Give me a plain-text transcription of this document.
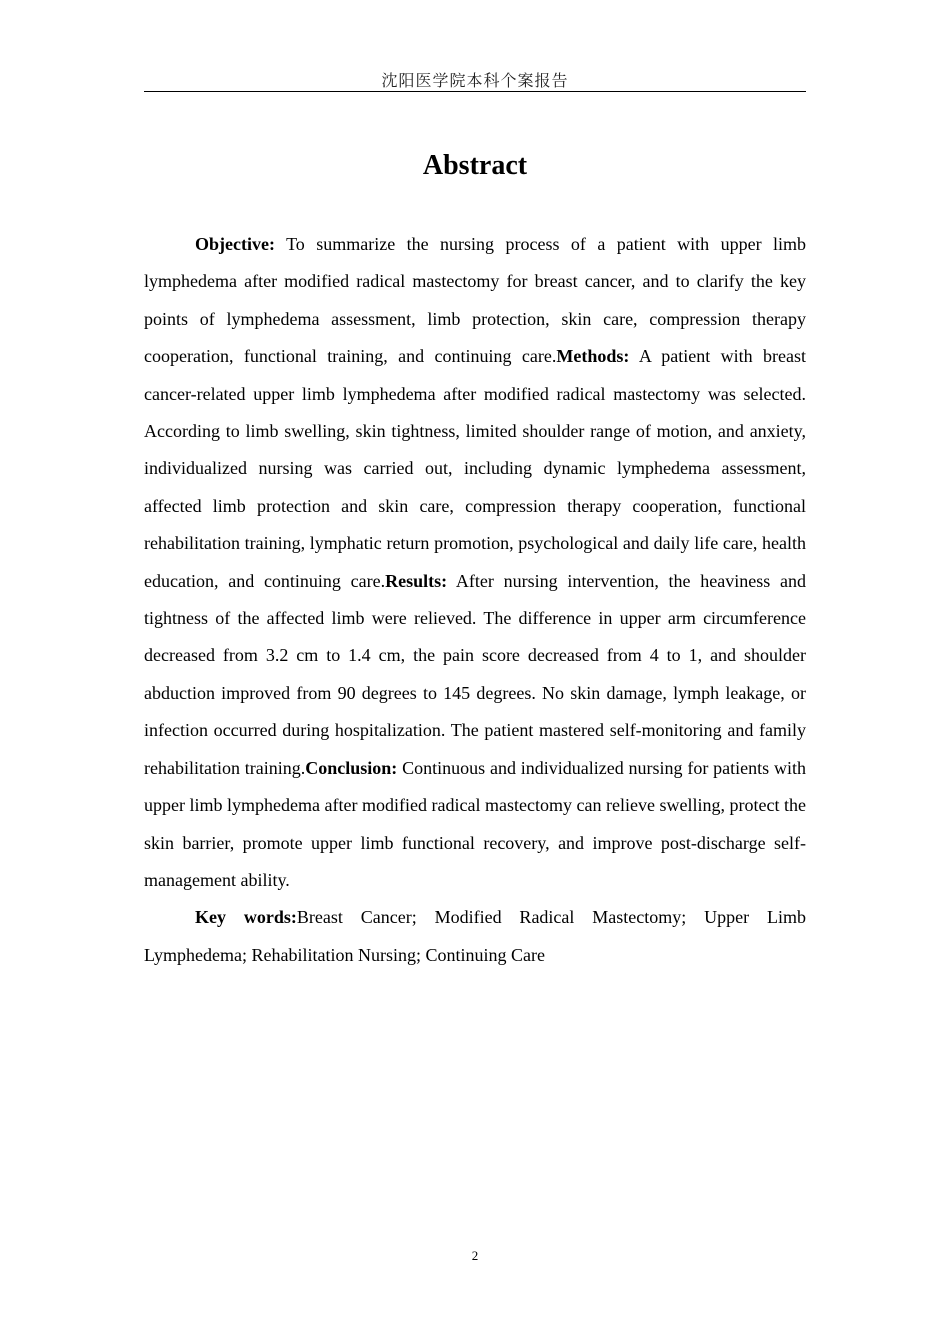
沈阳医学院本科个案报告
Abstract

Objective: To summarize the nursing process of a patient with upper limb lymphedema after modified radical mastectomy for breast cancer, and to clarify the key points of lymphedema assessment, limb protection, skin care, compression therapy cooperation, functional training, and continuing care.Methods: A patient with breast cancer-related upper limb lymphedema after modified radical mastectomy was selected. According to limb swelling, skin tightness, limited shoulder range of motion, and anxiety, individualized nursing was carried out, including dynamic lymphedema assessment, affected limb protection and skin care, compression therapy cooperation, functional rehabilitation training, lymphatic return promotion, psychological and daily life care, health education, and continuing care.Results: After nursing intervention, the heaviness and tightness of the affected limb were relieved. The difference in upper arm circumference decreased from 3.2 cm to 1.4 cm, the pain score decreased from 4 to 1, and shoulder abduction improved from 90 degrees to 145 degrees. No skin damage, lymph leakage, or infection occurred during hospitalization. The patient mastered self-monitoring and family rehabilitation training.Conclusion: Continuous and individualized nursing for patients with upper limb lymphedema after modified radical mastectomy can relieve swelling, protect the skin barrier, promote upper limb functional recovery, and improve post-discharge self-management ability.

Key words:Breast Cancer; Modified Radical Mastectomy; Upper Limb Lymphedema; Rehabilitation Nursing; Continuing Care

2
